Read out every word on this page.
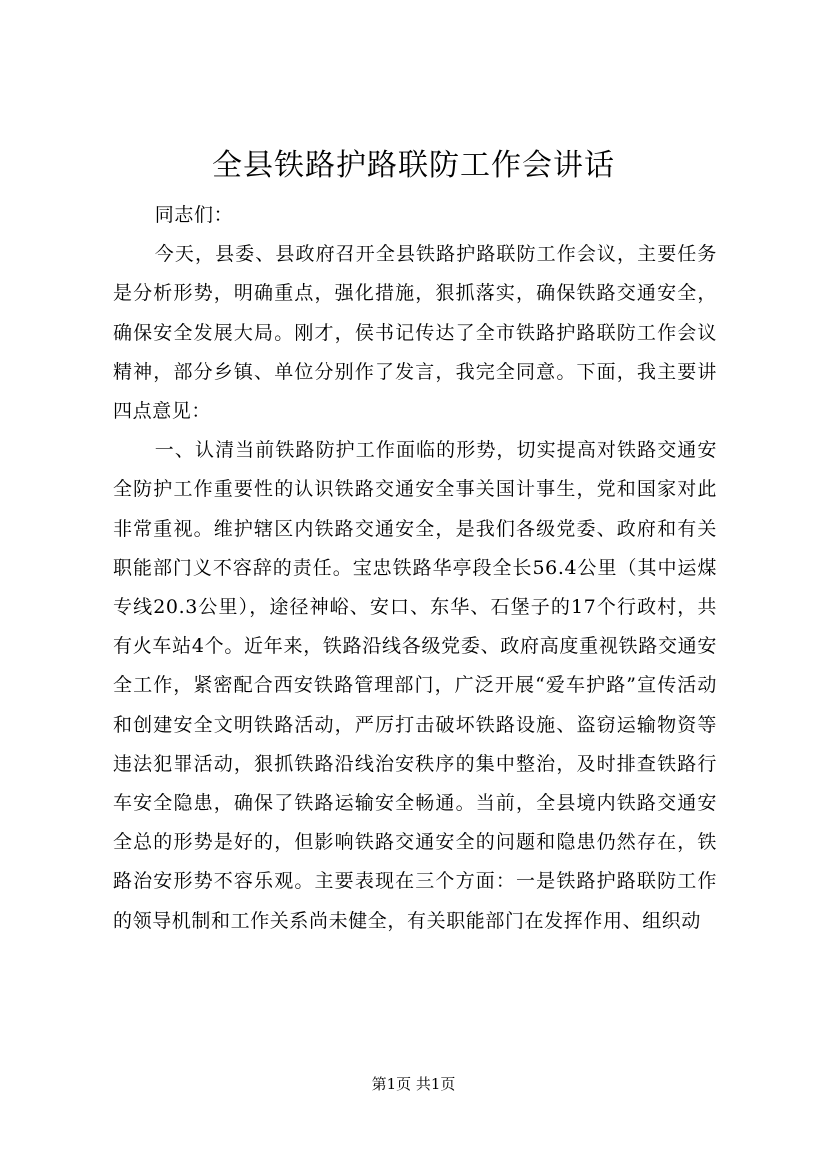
全县铁路护路联防工作会讲话

同志们：

今天，县委、县政府召开全县铁路护路联防工作会议，主要任务是分析形势，明确重点，强化措施，狠抓落实，确保铁路交通安全，确保安全发展大局。刚才，侯书记传达了全市铁路护路联防工作会议精神，部分乡镇、单位分别作了发言，我完全同意。下面，我主要讲四点意见：

一、认清当前铁路防护工作面临的形势，切实提高对铁路交通安全防护工作重要性的认识铁路交通安全事关国计事生，党和国家对此非常重视。维护辖区内铁路交通安全，是我们各级党委、政府和有关职能部门义不容辞的责任。宝忠铁路华亭段全长56.4公里（其中运煤专线20.3公里），途径神峪、安口、东华、石堡子的17个行政村，共有火车站4个。近年来，铁路沿线各级党委、政府高度重视铁路交通安全工作，紧密配合西安铁路管理部门，广泛开展“爱车护路”宣传活动和创建安全文明铁路活动，严厉打击破坏铁路设施、盗窃运输物资等违法犯罪活动，狠抓铁路沿线治安秩序的集中整治，及时排查铁路行车安全隐患，确保了铁路运输安全畅通。当前，全县境内铁路交通安全总的形势是好的，但影响铁路交通安全的问题和隐患仍然存在，铁路治安形势不容乐观。主要表现在三个方面：一是铁路护路联防工作的领导机制和工作关系尚未健全，有关职能部门在发挥作用、组织动

第1页 共1页
